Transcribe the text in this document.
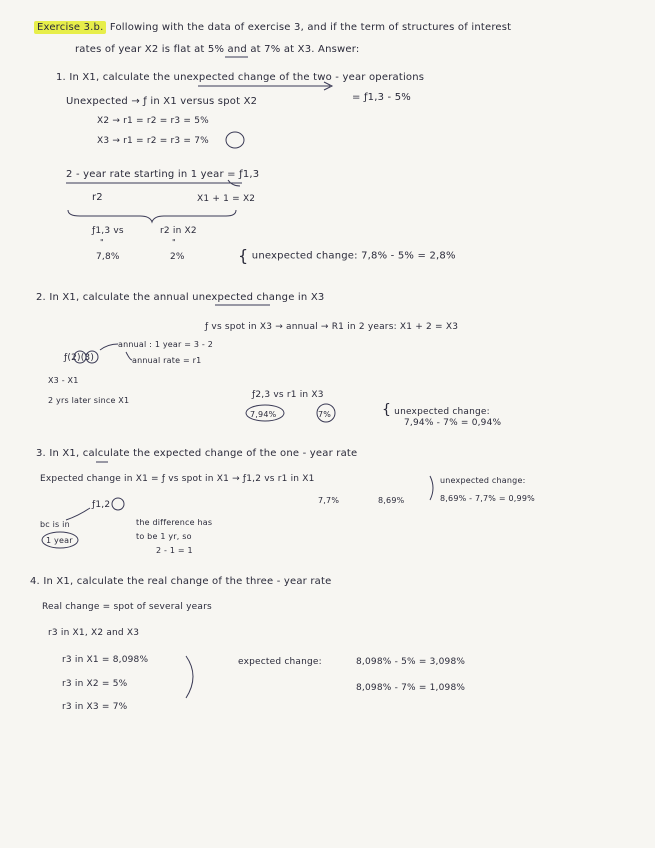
Exercise 3.b. Following with the data of exercise 3, and if the term of structures of interest
rates of year X2 is flat at 5% and at 7% at X3. Answer:
1. In X1, calculate the unexpected change of the two - year operations
Unexpected → ƒ in X1 versus spot X2	= ƒ1,3 - 5%
X2 → r1 = r2 = r3 = 5%
X3 → r1 = r2 = r3 = 7%
2 - year rate starting in 1 year = ƒ1,3
r2	X1 + 1 = X2
ƒ1,3 vs	r2 in X2
"	"
7,8%	2%	{ unexpected change: 7,8% - 5% = 2,8%
2. In X1, calculate the annual unexpected change in X3
ƒ vs spot in X3 → annual → R1 in 2 years: X1 + 2 = X3
ƒ(2)(3)
annual : 1 year = 3 - 2
annual rate = r1
X3 - X1
2 yrs later since X1
ƒ2,3 vs r1 in X3
7,94%	7%	{ unexpected change:
7,94% - 7% = 0,94%
3. In X1, calculate the expected change of the one - year rate
Expected change in X1 = ƒ vs spot in X1 → ƒ1,2 vs r1 in X1
7,7%	8,69%
unexpected change:
8,69% - 7,7% = 0,99%
ƒ1,2
bc is in
1 year
the difference has
to be 1 yr, so
2 - 1 = 1
4. In X1, calculate the real change of the three - year rate
Real change = spot of several years
r3 in X1, X2 and X3
r3 in X1 = 8,098%
r3 in X2 = 5%
r3 in X3 = 7%
expected change:	8,098% - 5% = 3,098%
8,098% - 7% = 1,098%
